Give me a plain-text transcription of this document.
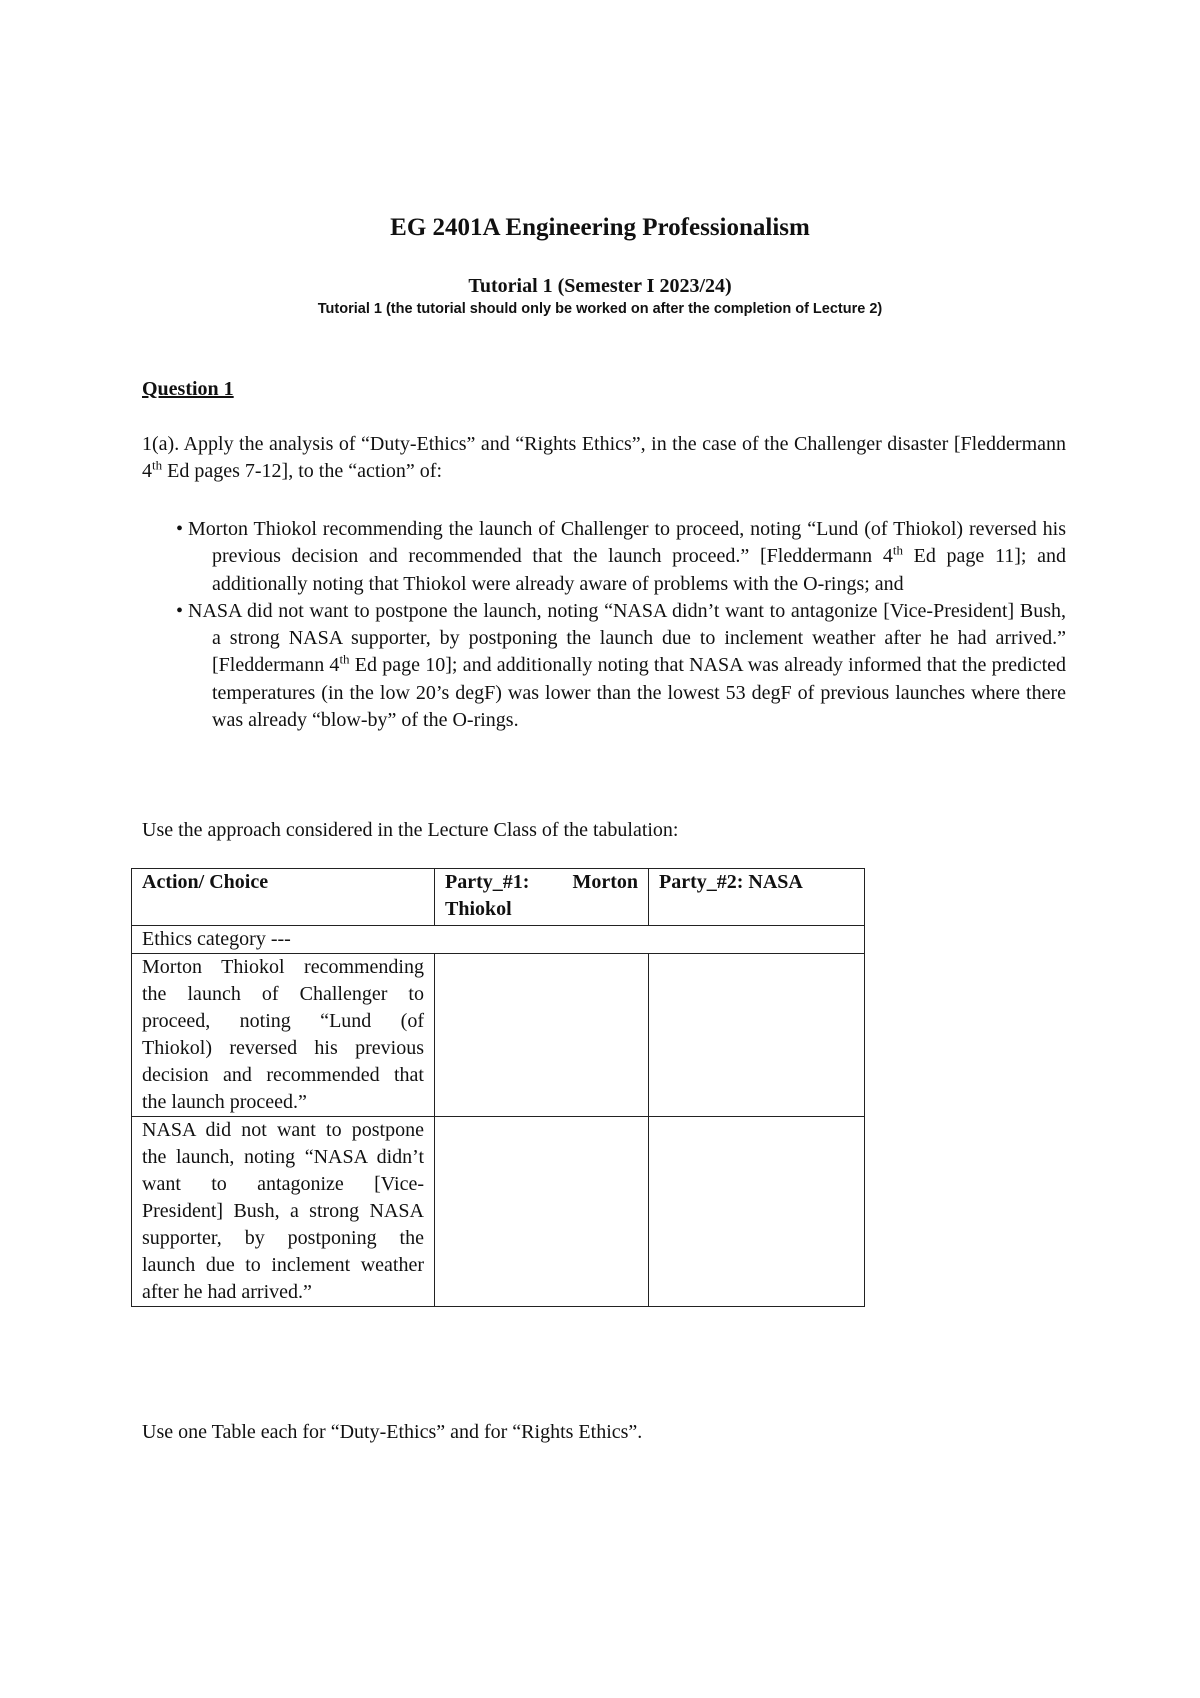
EG 2401A Engineering Professionalism

Tutorial 1 (Semester I 2023/24)

Tutorial 1 (the tutorial should only be worked on after the completion of Lecture 2)

Question 1

1(a). Apply the analysis of “Duty-Ethics” and “Rights Ethics”, in the case of the Challenger disaster [Fleddermann 4th Ed pages 7-12], to the “action” of:

• Morton Thiokol recommending the launch of Challenger to proceed, noting “Lund (of Thiokol) reversed his previous decision and recommended that the launch proceed.” [Fleddermann 4th Ed page 11]; and additionally noting that Thiokol were already aware of problems with the O-rings; and
• NASA did not want to postpone the launch, noting “NASA didn’t want to antagonize [Vice-President] Bush, a strong NASA supporter, by postponing the launch due to inclement weather after he had arrived.” [Fleddermann 4th Ed page 10]; and additionally noting that NASA was already informed that the predicted temperatures (in the low 20’s degF) was lower than the lowest 53 degF of previous launches where there was already “blow-by” of the O-rings.

Use the approach considered in the Lecture Class of the tabulation:

Action/ Choice	Party_#1: Morton Thiokol	Party_#2: NASA
Ethics category ---		
Morton Thiokol recommending the launch of Challenger to proceed, noting “Lund (of Thiokol) reversed his previous decision and recommended that the launch proceed.”		
NASA did not want to postpone the launch, noting “NASA didn’t want to antagonize [Vice-President] Bush, a strong NASA supporter, by postponing the launch due to inclement weather after he had arrived.”		

Use one Table each for “Duty-Ethics” and for “Rights Ethics”.
